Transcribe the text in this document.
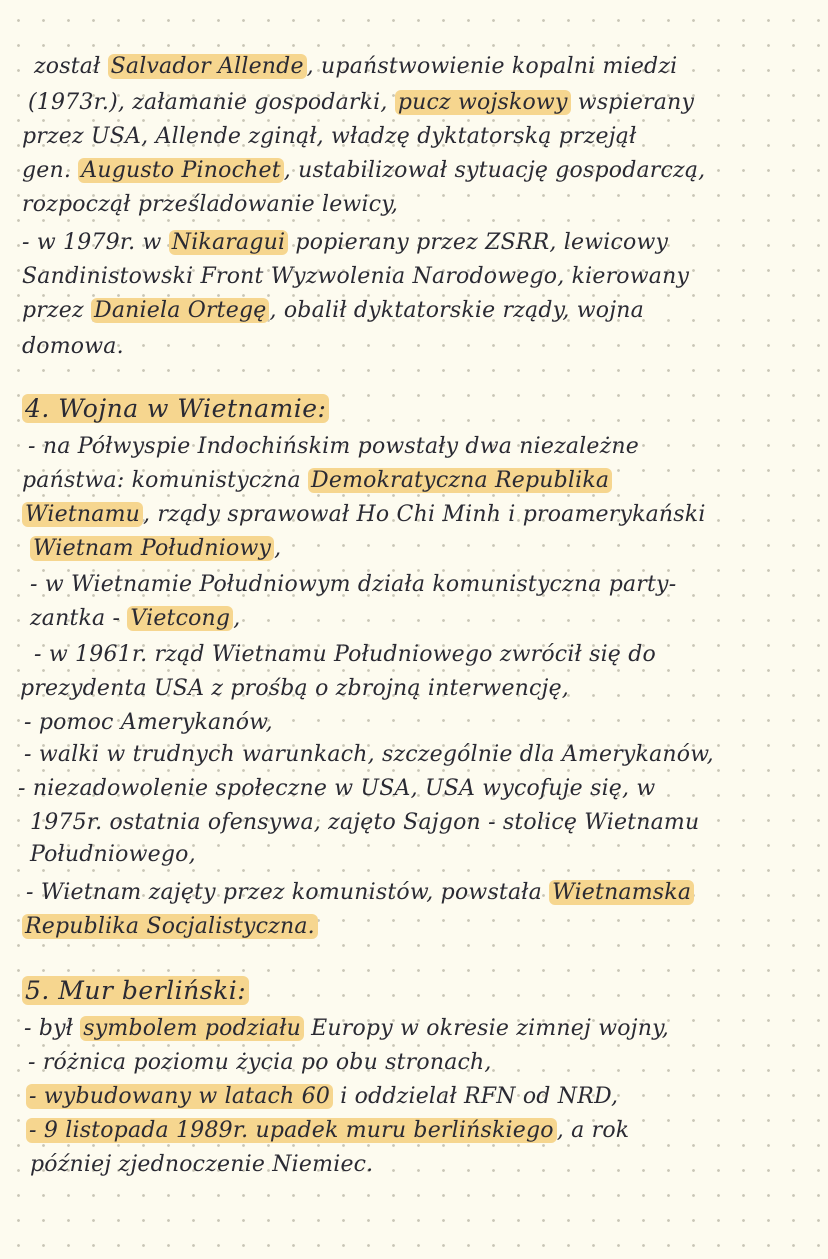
został Salvador Allende , upaństwowienie kopalni miedzi
(1973r.), załamanie gospodarki, pucz wojskowy wspierany
przez USA, Allende zginął, władzę dyktatorską przejął
gen. Augusto Pinochet , ustabilizował sytuację gospodarczą,
rozpoczął prześladowanie lewicy,
- w 1979r. w Nikaragui popierany przez ZSRR, lewicowy
Sandinistowski Front Wyzwolenia Narodowego, kierowany
przez Daniela Ortegę , obalił dyktatorskie rządy, wojna
domowa.
4. Wojna w Wietnamie:
- na Półwyspie Indochińskim powstały dwa niezależne
państwa: komunistyczna Demokratyczna Republika
Wietnamu , rządy sprawował Ho Chi Minh i proamerykański
Wietnam Południowy ,
- w Wietnamie Południowym działa komunistyczna party-
zantka - Vietcong ,
- w 1961r. rząd Wietnamu Południowego zwrócił się do
prezydenta USA z prośbą o zbrojną interwencję,
- pomoc Amerykanów,
- walki w trudnych warunkach, szczególnie dla Amerykanów,
- niezadowolenie społeczne w USA, USA wycofuje się, w
1975r. ostatnia ofensywa, zajęto Sajgon - stolicę Wietnamu
Południowego,
- Wietnam zajęty przez komunistów, powstała Wietnamska
Republika Socjalistyczna.
5. Mur berliński:
- był symbolem podziału Europy w okresie zimnej wojny,
- różnica poziomu życia po obu stronach,
- wybudowany w latach 60 i oddzielał RFN od NRD,
- 9 listopada 1989r. upadek muru berlińskiego , a rok
później zjednoczenie Niemiec.
